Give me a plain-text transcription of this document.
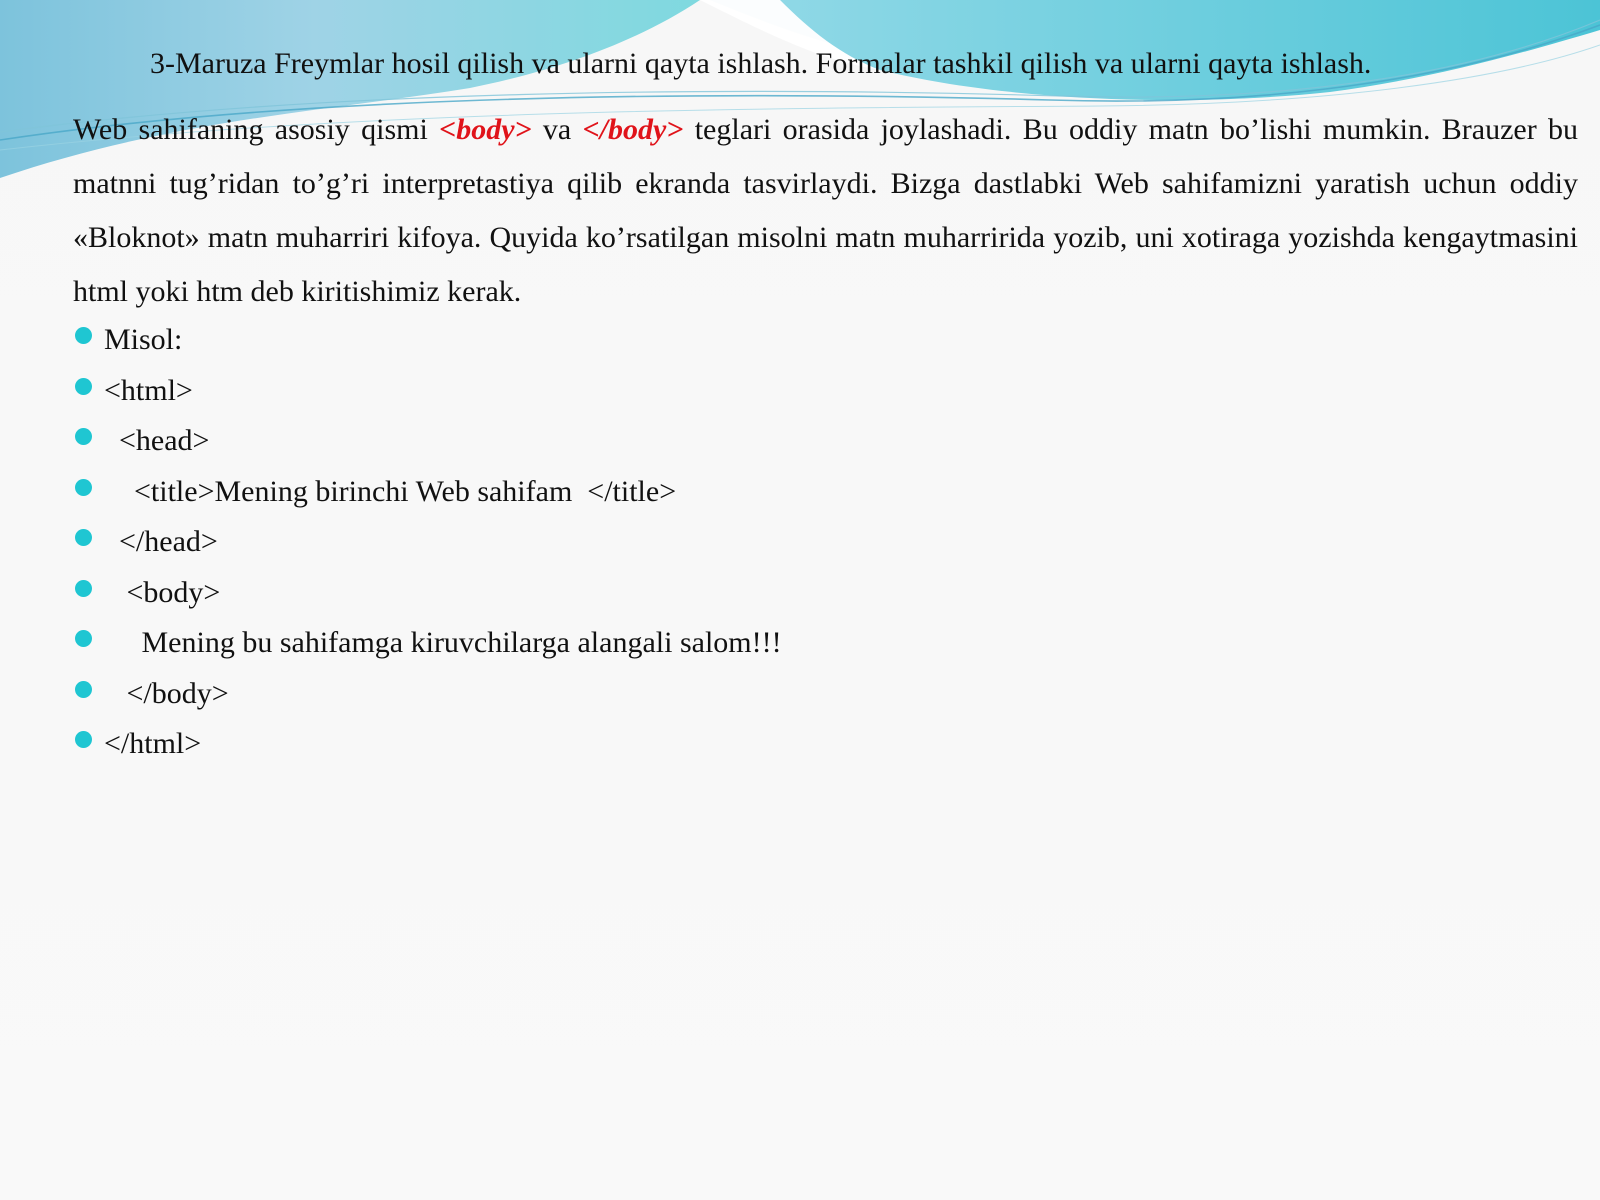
3-Maruza Freymlar hosil qilish va ularni qayta ishlash. Formalar tashkil qilish va ularni qayta ishlash.
Web sahifaning asosiy qismi <body> va </body> teglari orasida joylashadi. Bu oddiy matn bo’lishi mumkin. Brauzer bu matnni tug’ridan to’g’ri interpretastiya qilib ekranda tasvirlaydi. Bizga dastlabki Web sahifamizni yaratish uchun oddiy «Bloknot» matn muharriri kifoya. Quyida ko’rsatilgan misolni matn muharririda yozib, uni xotiraga yozishda kengaytmasini html yoki htm deb kiritishimiz kerak.
Misol:
<html>
<head>
<title>Mening birinchi Web sahifam  </title>
</head>
<body>
Mening bu sahifamga kiruvchilarga alangali salom!!!
</body>
</html>
